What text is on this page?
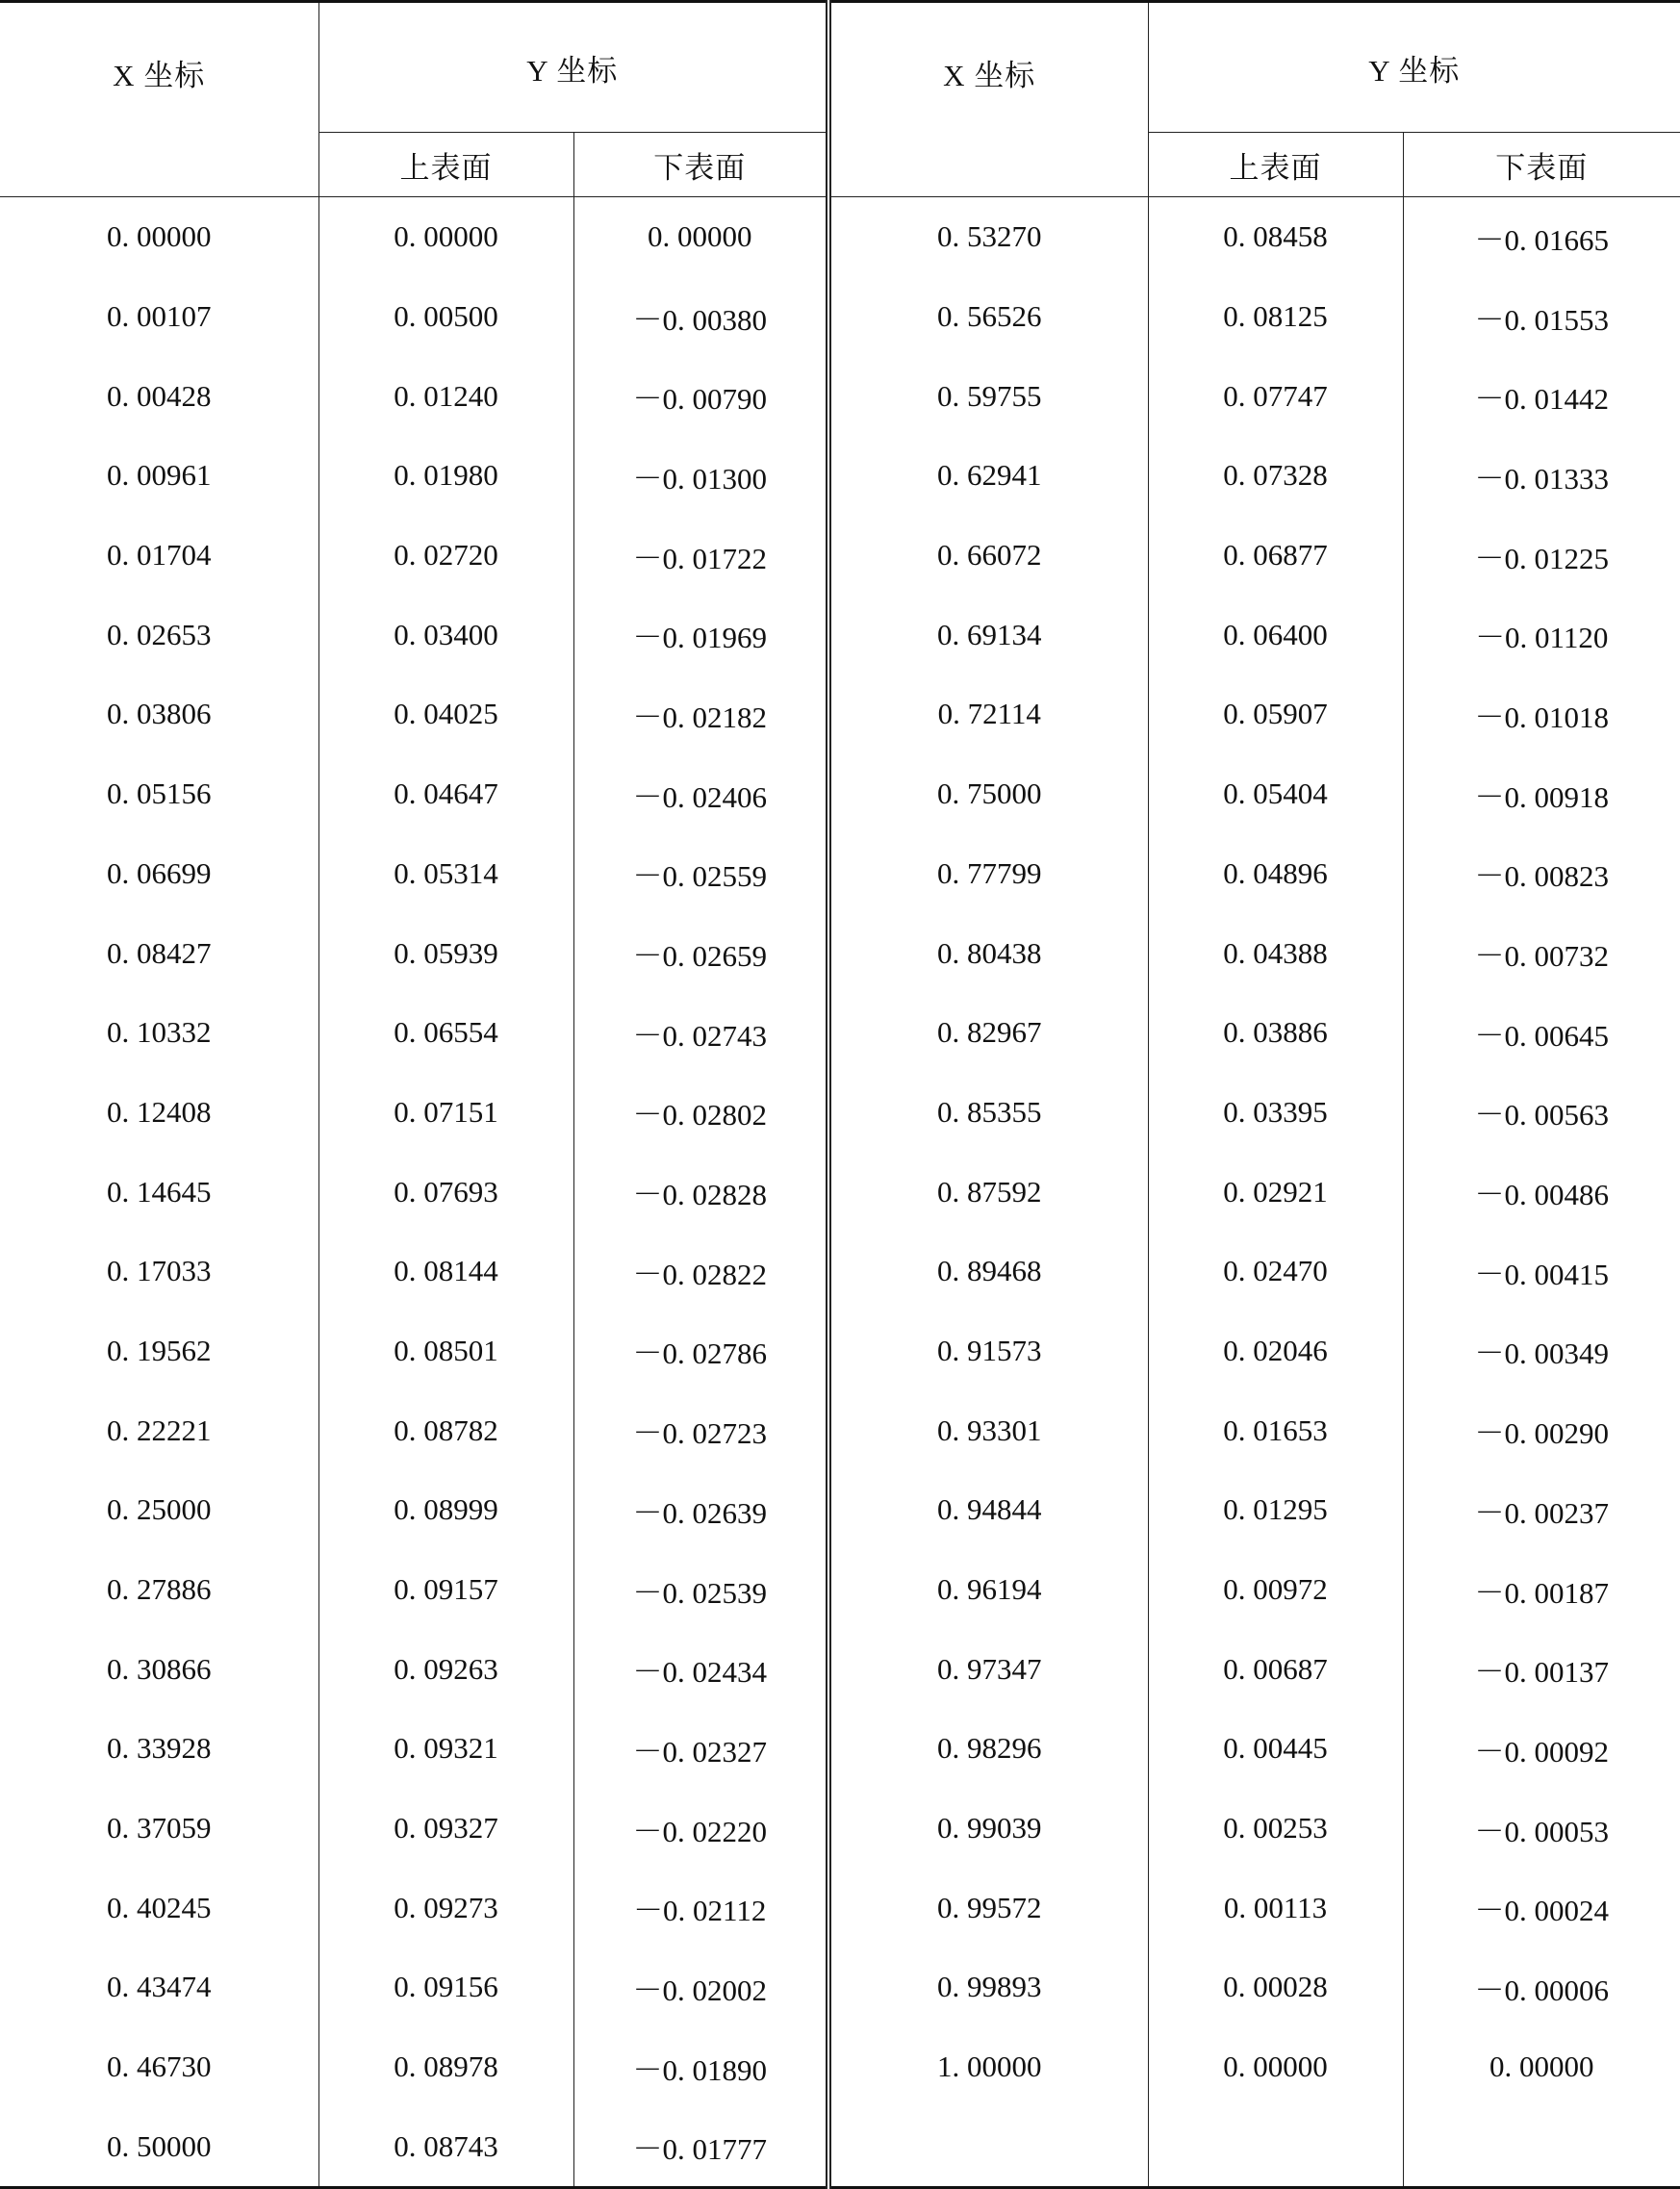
X 坐标	Y 坐标		X 坐标	Y 坐标	
	上表面	下表面		上表面	下表面
0. 00000	0. 00000	0. 00000	0. 53270	0. 08458	－0. 01665
0. 00107	0. 00500	－0. 00380	0. 56526	0. 08125	－0. 01553
0. 00428	0. 01240	－0. 00790	0. 59755	0. 07747	－0. 01442
0. 00961	0. 01980	－0. 01300	0. 62941	0. 07328	－0. 01333
0. 01704	0. 02720	－0. 01722	0. 66072	0. 06877	－0. 01225
0. 02653	0. 03400	－0. 01969	0. 69134	0. 06400	－0. 01120
0. 03806	0. 04025	－0. 02182	0. 72114	0. 05907	－0. 01018
0. 05156	0. 04647	－0. 02406	0. 75000	0. 05404	－0. 00918
0. 06699	0. 05314	－0. 02559	0. 77799	0. 04896	－0. 00823
0. 08427	0. 05939	－0. 02659	0. 80438	0. 04388	－0. 00732
0. 10332	0. 06554	－0. 02743	0. 82967	0. 03886	－0. 00645
0. 12408	0. 07151	－0. 02802	0. 85355	0. 03395	－0. 00563
0. 14645	0. 07693	－0. 02828	0. 87592	0. 02921	－0. 00486
0. 17033	0. 08144	－0. 02822	0. 89468	0. 02470	－0. 00415
0. 19562	0. 08501	－0. 02786	0. 91573	0. 02046	－0. 00349
0. 22221	0. 08782	－0. 02723	0. 93301	0. 01653	－0. 00290
0. 25000	0. 08999	－0. 02639	0. 94844	0. 01295	－0. 00237
0. 27886	0. 09157	－0. 02539	0. 96194	0. 00972	－0. 00187
0. 30866	0. 09263	－0. 02434	0. 97347	0. 00687	－0. 00137
0. 33928	0. 09321	－0. 02327	0. 98296	0. 00445	－0. 00092
0. 37059	0. 09327	－0. 02220	0. 99039	0. 00253	－0. 00053
0. 40245	0. 09273	－0. 02112	0. 99572	0. 00113	－0. 00024
0. 43474	0. 09156	－0. 02002	0. 99893	0. 00028	－0. 00006
0. 46730	0. 08978	－0. 01890	1. 00000	0. 00000	0. 00000
0. 50000	0. 08743	－0. 01777			
